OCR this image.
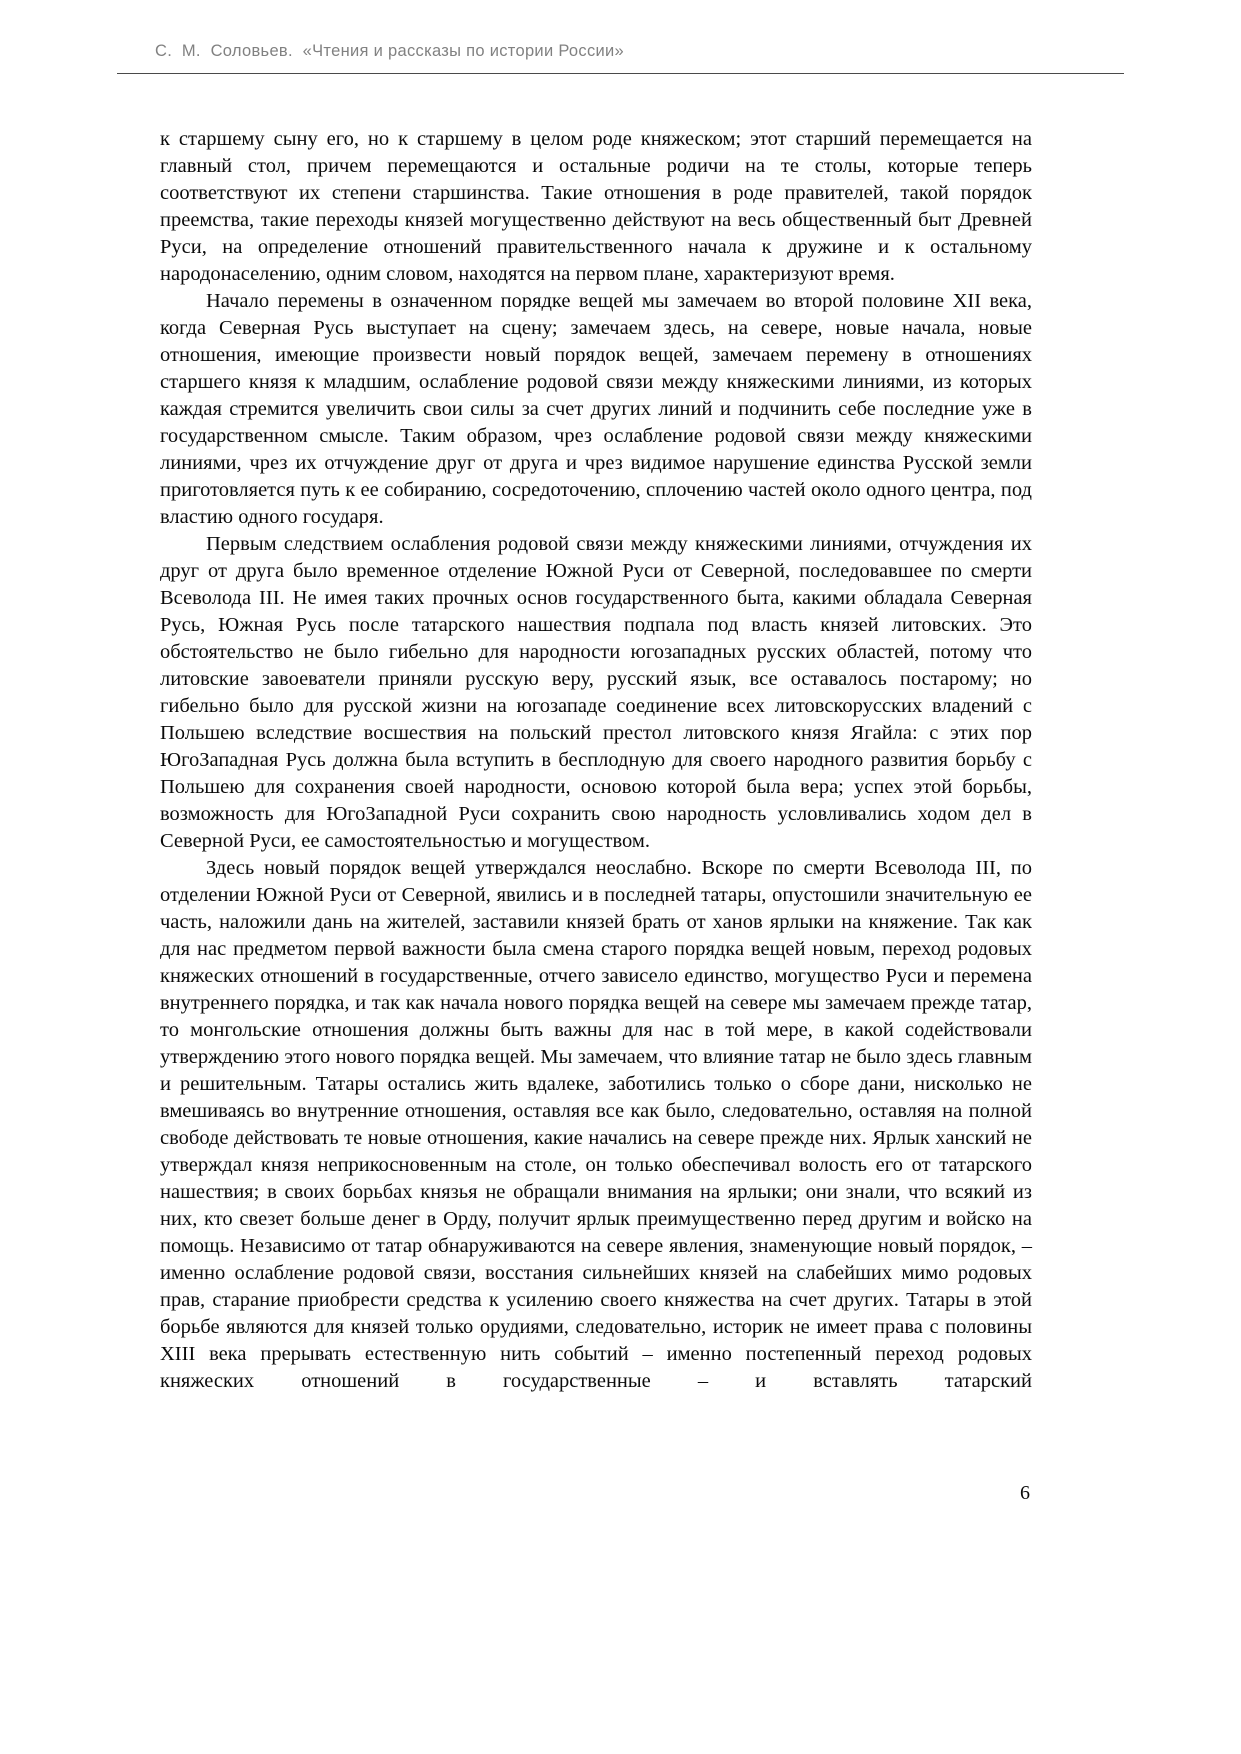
С.  М.  Соловьев.  «Чтения и рассказы по истории России»

к старшему сыну его, но к старшему в целом роде княжеском; этот старший перемещается на главный стол, причем перемещаются и остальные родичи на те столы, которые теперь соответствуют их степени старшинства. Такие отношения в роде правителей, такой порядок преемства, такие переходы князей могущественно действуют на весь общественный быт Древней Руси, на определение отношений правительственного начала к дружине и к остальному народонаселению, одним словом, находятся на первом плане, характеризуют время.

Начало перемены в означенном порядке вещей мы замечаем во второй половине XII века, когда Северная Русь выступает на сцену; замечаем здесь, на севере, новые начала, новые отношения, имеющие произвести новый порядок вещей, замечаем перемену в отношениях старшего князя к младшим, ослабление родовой связи между княжескими линиями, из которых каждая стремится увеличить свои силы за счет других линий и подчинить себе последние уже в государственном смысле. Таким образом, чрез ослабление родовой связи между княжескими линиями, чрез их отчуждение друг от друга и чрез видимое нарушение единства Русской земли приготовляется путь к ее собиранию, сосредоточению, сплочению частей около одного центра, под властию одного государя.

Первым следствием ослабления родовой связи между княжескими линиями, отчуждения их друг от друга было временное отделение Южной Руси от Северной, последовавшее по смерти Всеволода III. Не имея таких прочных основ государственного быта, какими обладала Северная Русь, Южная Русь после татарского нашествия подпала под власть князей литовских. Это обстоятельство не было гибельно для народности югозападных русских областей, потому что литовские завоеватели приняли русскую веру, русский язык, все оставалось постарому; но гибельно было для русской жизни на югозападе соединение всех литовскорусских владений с Польшею вследствие восшествия на польский престол литовского князя Ягайла: с этих пор ЮгоЗападная Русь должна была вступить в бесплодную для своего народного развития борьбу с Польшею для сохранения своей народности, основою которой была вера; успех этой борьбы, возможность для ЮгоЗападной Руси сохранить свою народность условливались ходом дел в Северной Руси, ее самостоятельностью и могуществом.

Здесь новый порядок вещей утверждался неослабно. Вскоре по смерти Всеволода III, по отделении Южной Руси от Северной, явились и в последней татары, опустошили значительную ее часть, наложили дань на жителей, заставили князей брать от ханов ярлыки на княжение. Так как для нас предметом первой важности была смена старого порядка вещей новым, переход родовых княжеских отношений в государственные, отчего зависело единство, могущество Руси и перемена внутреннего порядка, и так как начала нового порядка вещей на севере мы замечаем прежде татар, то монгольские отношения должны быть важны для нас в той мере, в какой содействовали утверждению этого нового порядка вещей. Мы замечаем, что влияние татар не было здесь главным и решительным. Татары остались жить вдалеке, заботились только о сборе дани, нисколько не вмешиваясь во внутренние отношения, оставляя все как было, следовательно, оставляя на полной свободе действовать те новые отношения, какие начались на севере прежде них. Ярлык ханский не утверждал князя неприкосновенным на столе, он только обеспечивал волость его от татарского нашествия; в своих борьбах князья не обращали внимания на ярлыки; они знали, что всякий из них, кто свезет больше денег в Орду, получит ярлык преимущественно перед другим и войско на помощь. Независимо от татар обнаруживаются на севере явления, знаменующие новый порядок, – именно ослабление родовой связи, восстания сильнейших князей на слабейших мимо родовых прав, старание приобрести средства к усилению своего княжества на счет других. Татары в этой борьбе являются для князей только орудиями, следовательно, историк не имеет права с половины XIII века прерывать естественную нить событий – именно постепенный переход родовых княжеских отношений в государственные – и вставлять татарский

6
